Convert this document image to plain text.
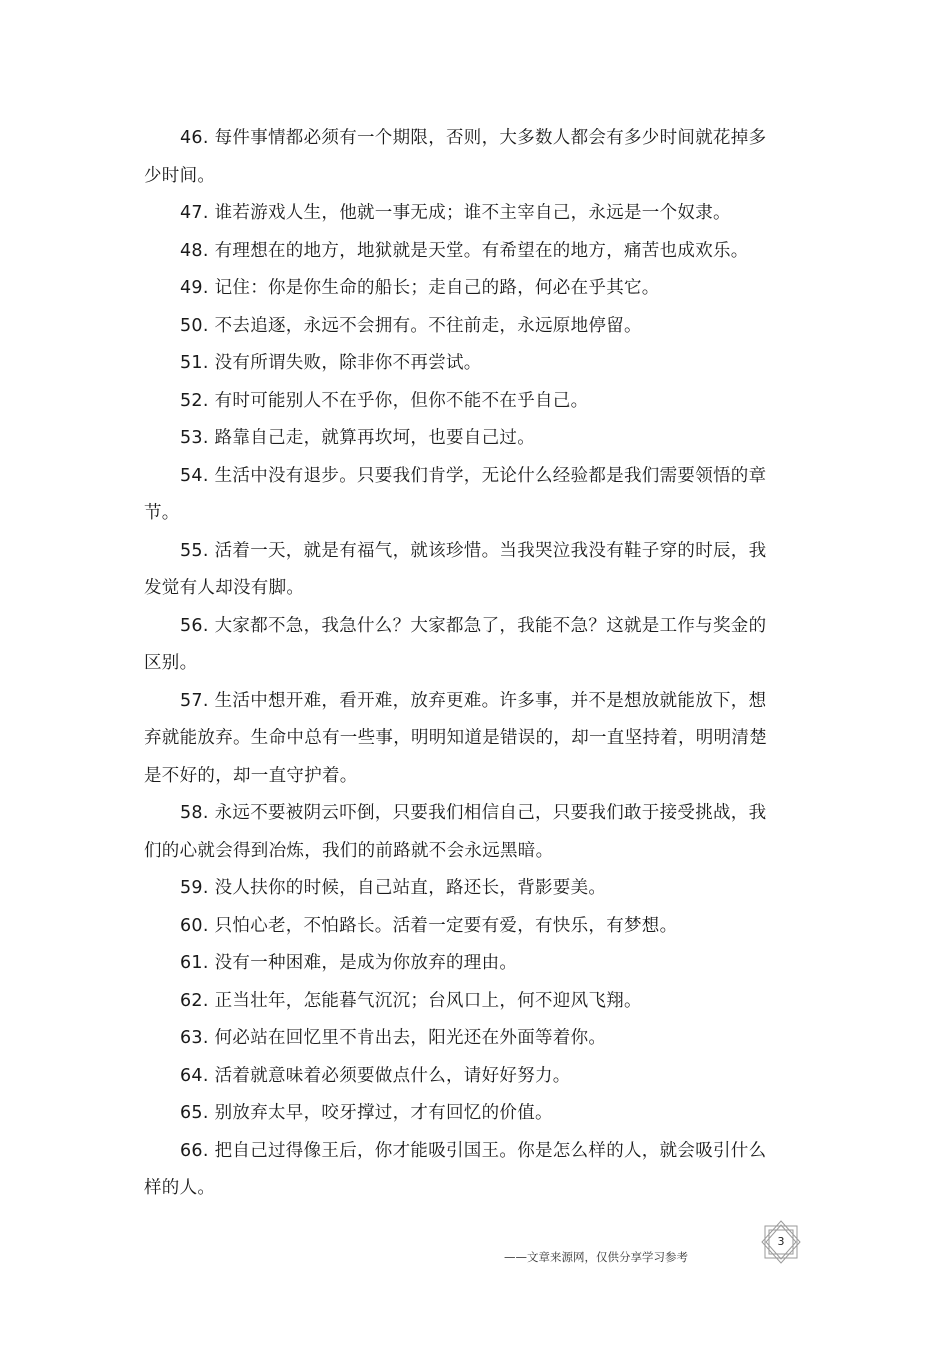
46. 每件事情都必须有一个期限，否则，大多数人都会有多少时间就花掉多少时间。

47. 谁若游戏人生，他就一事无成；谁不主宰自己，永远是一个奴隶。

48. 有理想在的地方，地狱就是天堂。有希望在的地方，痛苦也成欢乐。

49. 记住：你是你生命的船长；走自己的路，何必在乎其它。

50. 不去追逐，永远不会拥有。不往前走，永远原地停留。

51. 没有所谓失败，除非你不再尝试。

52. 有时可能别人不在乎你，但你不能不在乎自己。

53. 路靠自己走，就算再坎坷，也要自己过。

54. 生活中没有退步。只要我们肯学，无论什么经验都是我们需要领悟的章节。

55. 活着一天，就是有福气，就该珍惜。当我哭泣我没有鞋子穿的时辰，我发觉有人却没有脚。

56. 大家都不急，我急什么？大家都急了，我能不急？这就是工作与奖金的区别。

57. 生活中想开难，看开难，放弃更难。许多事，并不是想放就能放下，想弃就能放弃。生命中总有一些事，明明知道是错误的，却一直坚持着，明明清楚是不好的，却一直守护着。

58. 永远不要被阴云吓倒，只要我们相信自己，只要我们敢于接受挑战，我们的心就会得到冶炼，我们的前路就不会永远黑暗。

59. 没人扶你的时候，自己站直，路还长，背影要美。

60. 只怕心老，不怕路长。活着一定要有爱，有快乐，有梦想。

61. 没有一种困难，是成为你放弃的理由。

62. 正当壮年，怎能暮气沉沉；台风口上，何不迎风飞翔。

63. 何必站在回忆里不肯出去，阳光还在外面等着你。

64. 活着就意味着必须要做点什么，请好好努力。

65. 别放弃太早，咬牙撑过，才有回忆的价值。

66. 把自己过得像王后，你才能吸引国王。你是怎么样的人，就会吸引什么样的人。

3
——文章来源网，仅供分享学习参考
